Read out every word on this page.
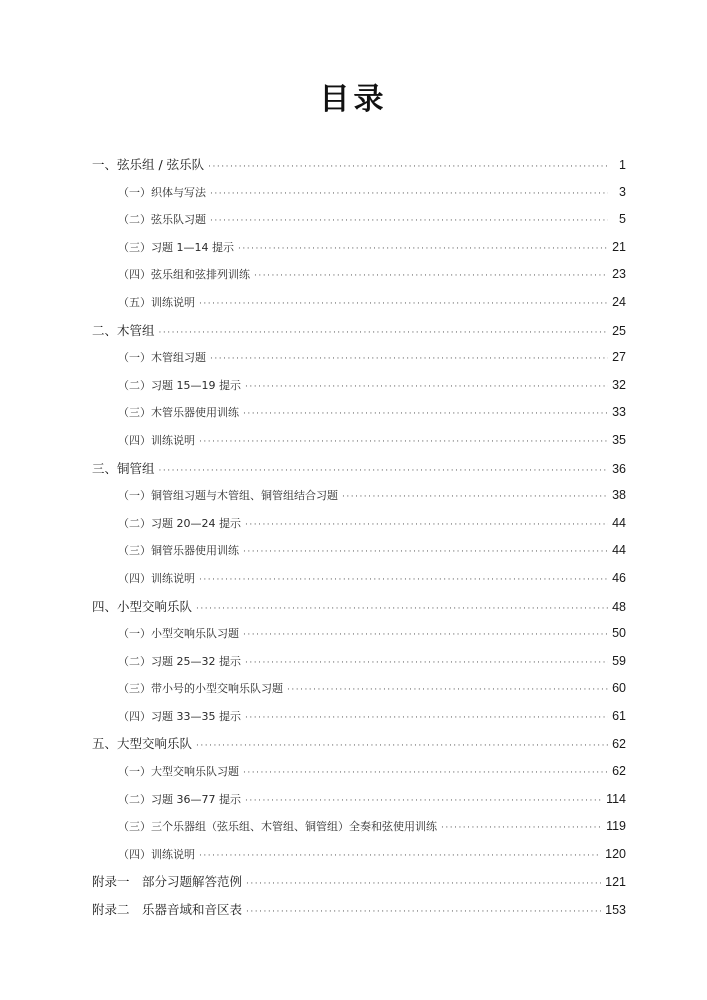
目录
一、弦乐组 / 弦乐队 ·····	1
（一）织体与写法 ·····	3
（二）弦乐队习题 ·····	5
（三）习题 1—14 提示 ·····	21
（四）弦乐组和弦排列训练 ·····	23
（五）训练说明 ·····	24
二、木管组 ·····	25
（一）木管组习题 ·····	27
（二）习题 15—19 提示 ·····	32
（三）木管乐器使用训练 ·····	33
（四）训练说明 ·····	35
三、铜管组 ·····	36
（一）铜管组习题与木管组、铜管组结合习题 ·····	38
（二）习题 20—24 提示 ·····	44
（三）铜管乐器使用训练 ·····	44
（四）训练说明 ·····	46
四、小型交响乐队 ·····	48
（一）小型交响乐队习题 ·····	50
（二）习题 25—32 提示 ·····	59
（三）带小号的小型交响乐队习题 ·····	60
（四）习题 33—35 提示 ·····	61
五、大型交响乐队 ·····	62
（一）大型交响乐队习题 ·····	62
（二）习题 36—77 提示 ·····	114
（三）三个乐器组（弦乐组、木管组、铜管组）全奏和弦使用训练 ·····	119
（四）训练说明 ·····	120
附录一　部分习题解答范例 ·····	121
附录二　乐器音域和音区表 ·····	153
